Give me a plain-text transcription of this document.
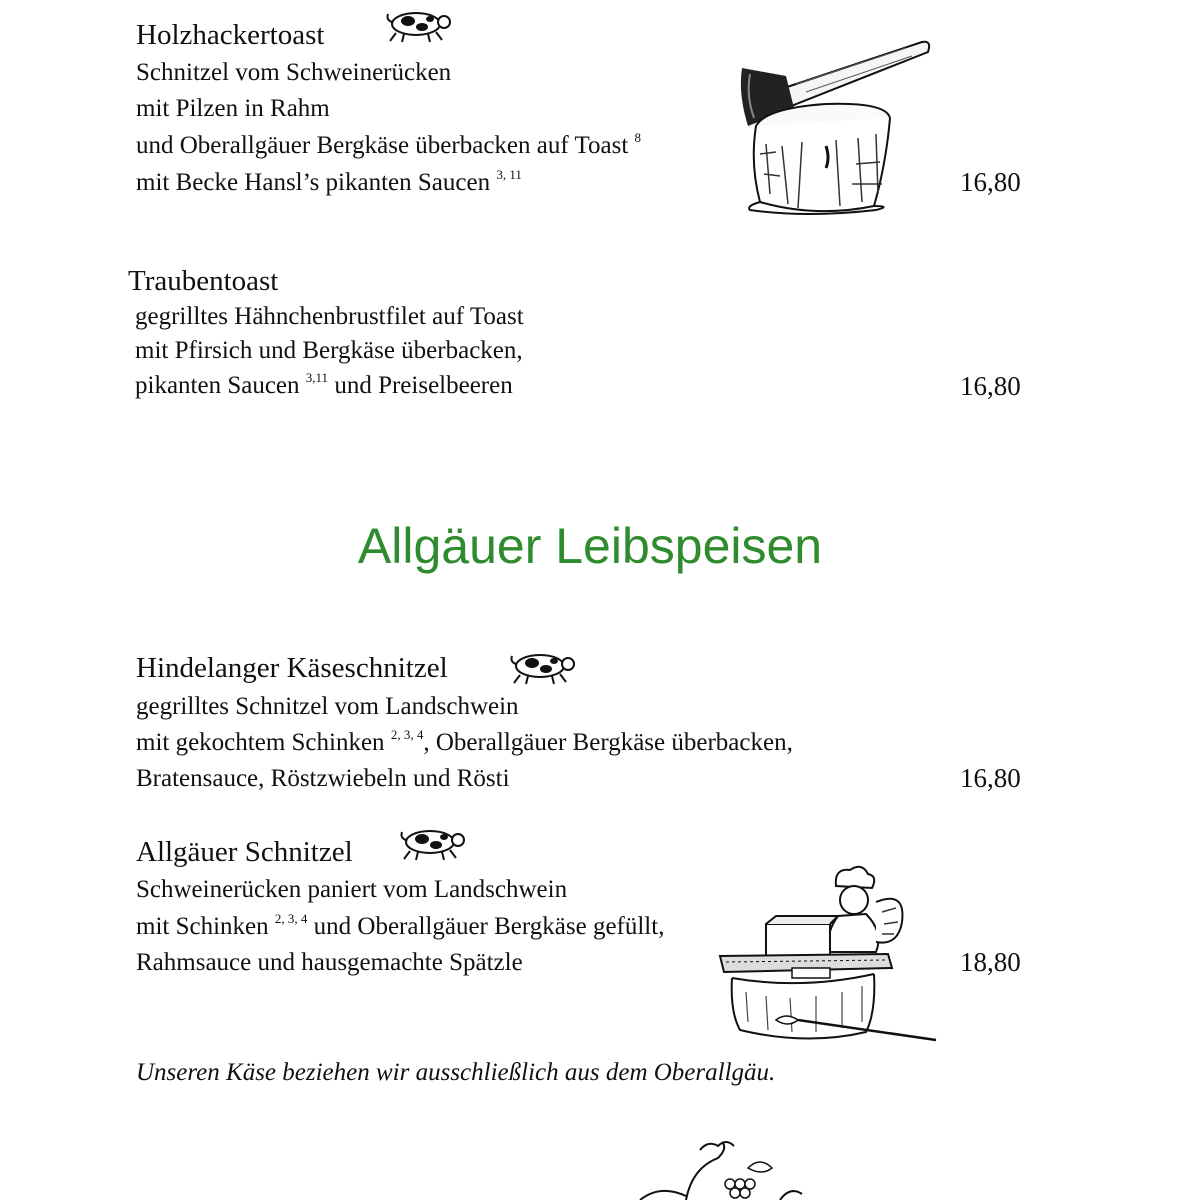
Holzhackertoast
Schnitzel vom Schweinerücken
mit Pilzen in Rahm
und Oberallgäuer Bergkäse überbacken auf Toast $^8$
mit Becke Hansl’s pikanten Saucen $^{3, 11}$	16,80
Traubentoast
gegrilltes Hähnchenbrustfilet auf Toast
mit Pfirsich und Bergkäse überbacken,
pikanten Saucen $^{3,11}$ und Preiselbeeren	16,80
Allgäuer Leibspeisen
Hindelanger Käseschnitzel
gegrilltes Schnitzel vom Landschwein
mit gekochtem Schinken $^{2, 3, 4}$, Oberallgäuer Bergkäse überbacken,
Bratensauce, Röstzwiebeln und Rösti	16,80
Allgäuer Schnitzel
Schweinerücken paniert vom Landschwein
mit Schinken $^{2, 3, 4}$ und Oberallgäuer Bergkäse gefüllt,
Rahmsauce und hausgemachte Spätzle	18,80
Unseren Käse beziehen wir ausschließlich aus dem Oberallgäu.
